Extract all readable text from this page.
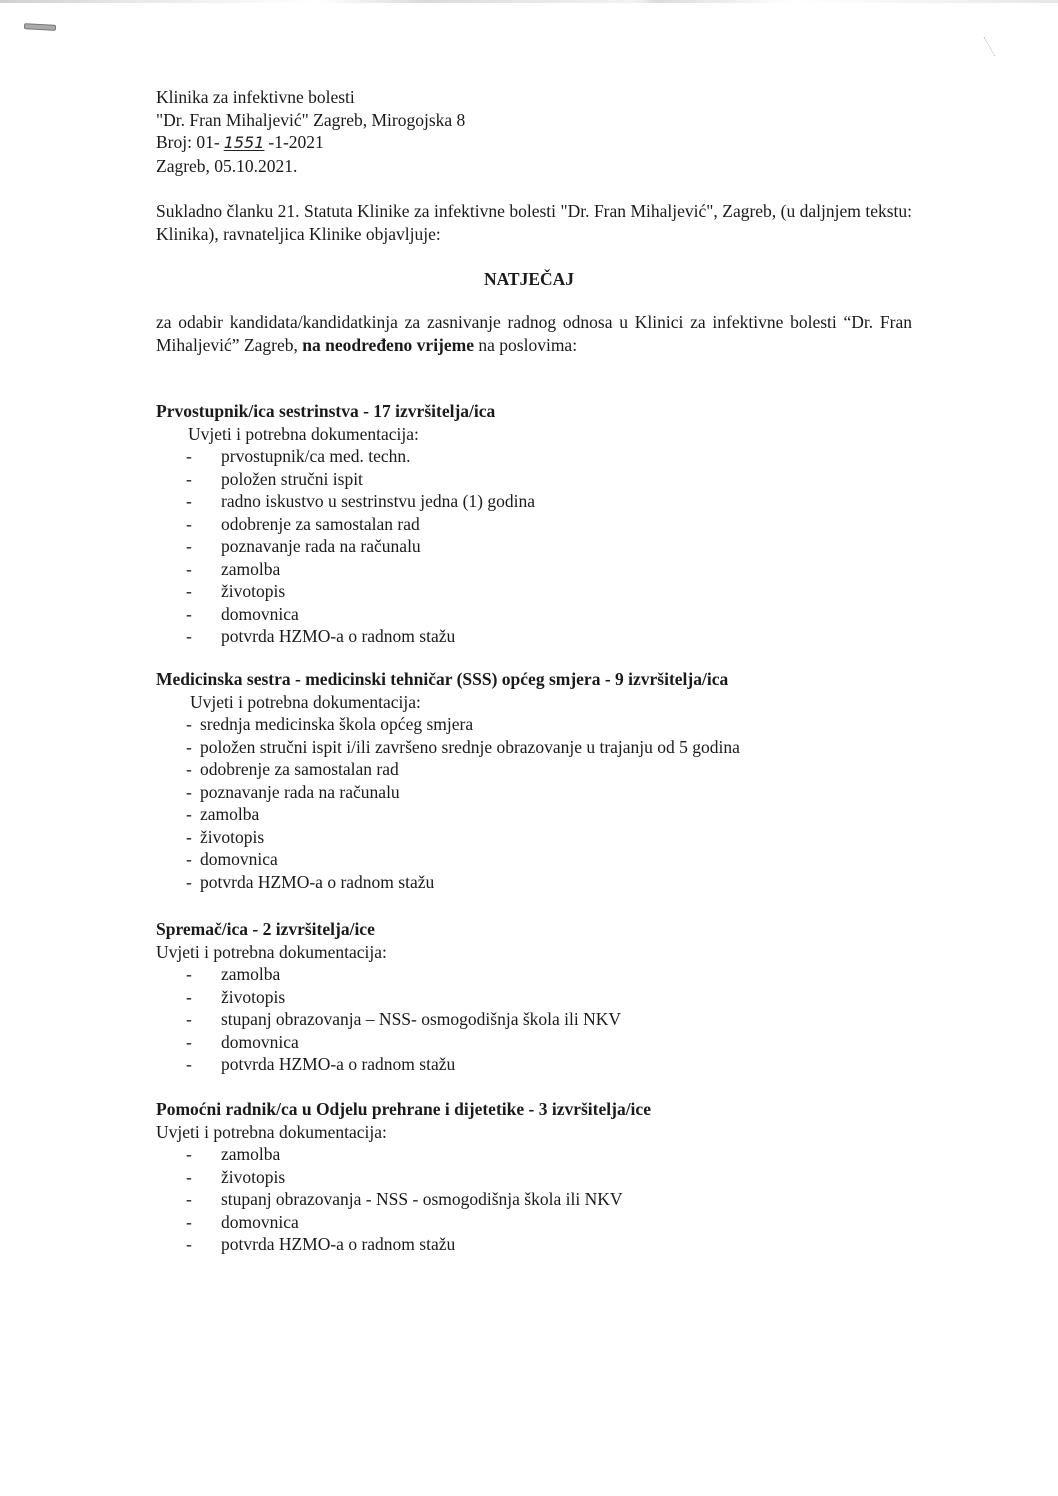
Klinika za infektivne bolesti
"Dr. Fran Mihaljević" Zagreb, Mirogojska 8
Broj: 01- 1551 -1-2021
Zagreb, 05.10.2021.
Sukladno članku 21. Statuta Klinike za infektivne bolesti "Dr. Fran Mihaljević", Zagreb, (u daljnjem tekstu: Klinika), ravnateljica Klinike objavljuje:
NATJEČAJ
za odabir kandidata/kandidatkinja za zasnivanje radnog odnosa u Klinici za infektivne bolesti “Dr. Fran Mihaljević” Zagreb, na neodređeno vrijeme na poslovima:
Prvostupnik/ica sestrinstva - 17 izvršitelja/ica
Uvjeti i potrebna dokumentacija:
- prvostupnik/ca med. techn.
- položen stručni ispit
- radno iskustvo u sestrinstvu jedna (1) godina
- odobrenje za samostalan rad
- poznavanje rada na računalu
- zamolba
- životopis
- domovnica
- potvrda HZMO-a o radnom stažu
Medicinska sestra - medicinski tehničar (SSS) općeg smjera - 9 izvršitelja/ica
Uvjeti i potrebna dokumentacija:
- srednja medicinska škola općeg smjera
- položen stručni ispit i/ili završeno srednje obrazovanje u trajanju od 5 godina
- odobrenje za samostalan rad
- poznavanje rada na računalu
- zamolba
- životopis
- domovnica
- potvrda HZMO-a o radnom stažu
Spremač/ica - 2 izvršitelja/ice
Uvjeti i potrebna dokumentacija:
- zamolba
- životopis
- stupanj obrazovanja – NSS- osmogodišnja škola ili NKV
- domovnica
- potvrda HZMO-a o radnom stažu
Pomoćni radnik/ca u Odjelu prehrane i dijetetike - 3 izvršitelja/ice
Uvjeti i potrebna dokumentacija:
- zamolba
- životopis
- stupanj obrazovanja - NSS - osmogodišnja škola ili NKV
- domovnica
- potvrda HZMO-a o radnom stažu
